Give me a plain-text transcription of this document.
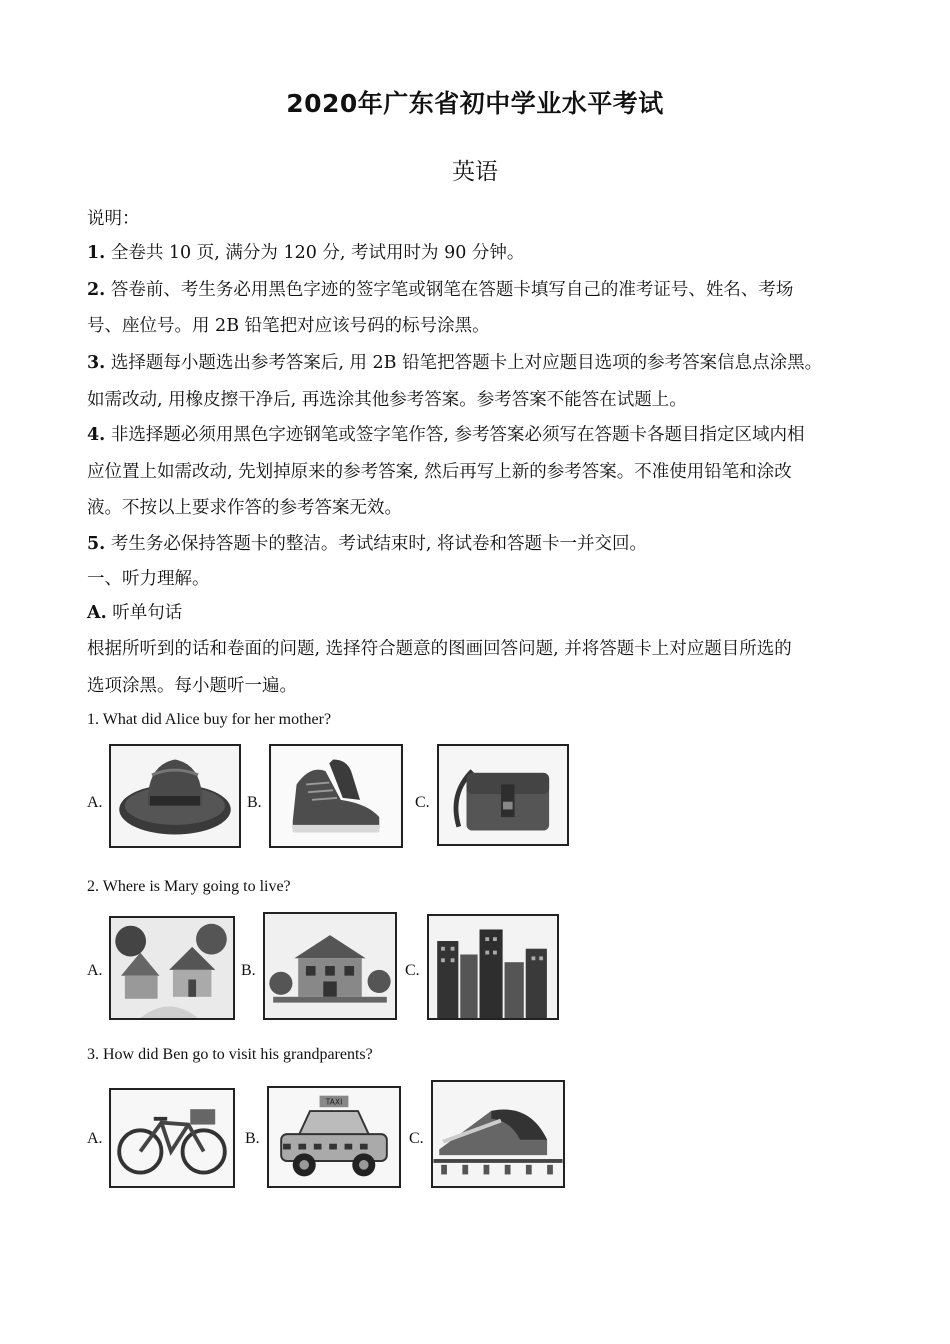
2020年广东省初中学业水平考试
英语
说明：
1. 全卷共 10 页, 满分为 120 分, 考试用时为 90 分钟。
2. 答卷前、考生务必用黑色字迹的签字笔或钢笔在答题卡填写自己的准考证号、姓名、考场
号、座位号。用 2B 铅笔把对应该号码的标号涂黑。
3. 选择题每小题选出参考答案后, 用 2B 铅笔把答题卡上对应题目选项的参考答案信息点涂黑。
如需改动, 用橡皮擦干净后, 再选涂其他参考答案。参考答案不能答在试题上。
4. 非选择题必须用黑色字迹钢笔或签字笔作答, 参考答案必须写在答题卡各题目指定区域内相
应位置上如需改动, 先划掉原来的参考答案, 然后再写上新的参考答案。不准使用铅笔和涂改
液。不按以上要求作答的参考答案无效。
5. 考生务必保持答题卡的整洁。考试结束时, 将试卷和答题卡一并交回。
一、听力理解。
A. 听单句话
根据所听到的话和卷面的问题, 选择符合题意的图画回答问题, 并将答题卡上对应题目所选的
选项涂黑。每小题听一遍。
1. What did Alice buy for her mother?
A.	B.	C.
2. Where is Mary going to live?
A.	B.	C.
3. How did Ben go to visit his grandparents?
A.	B.
TAXI
C.
